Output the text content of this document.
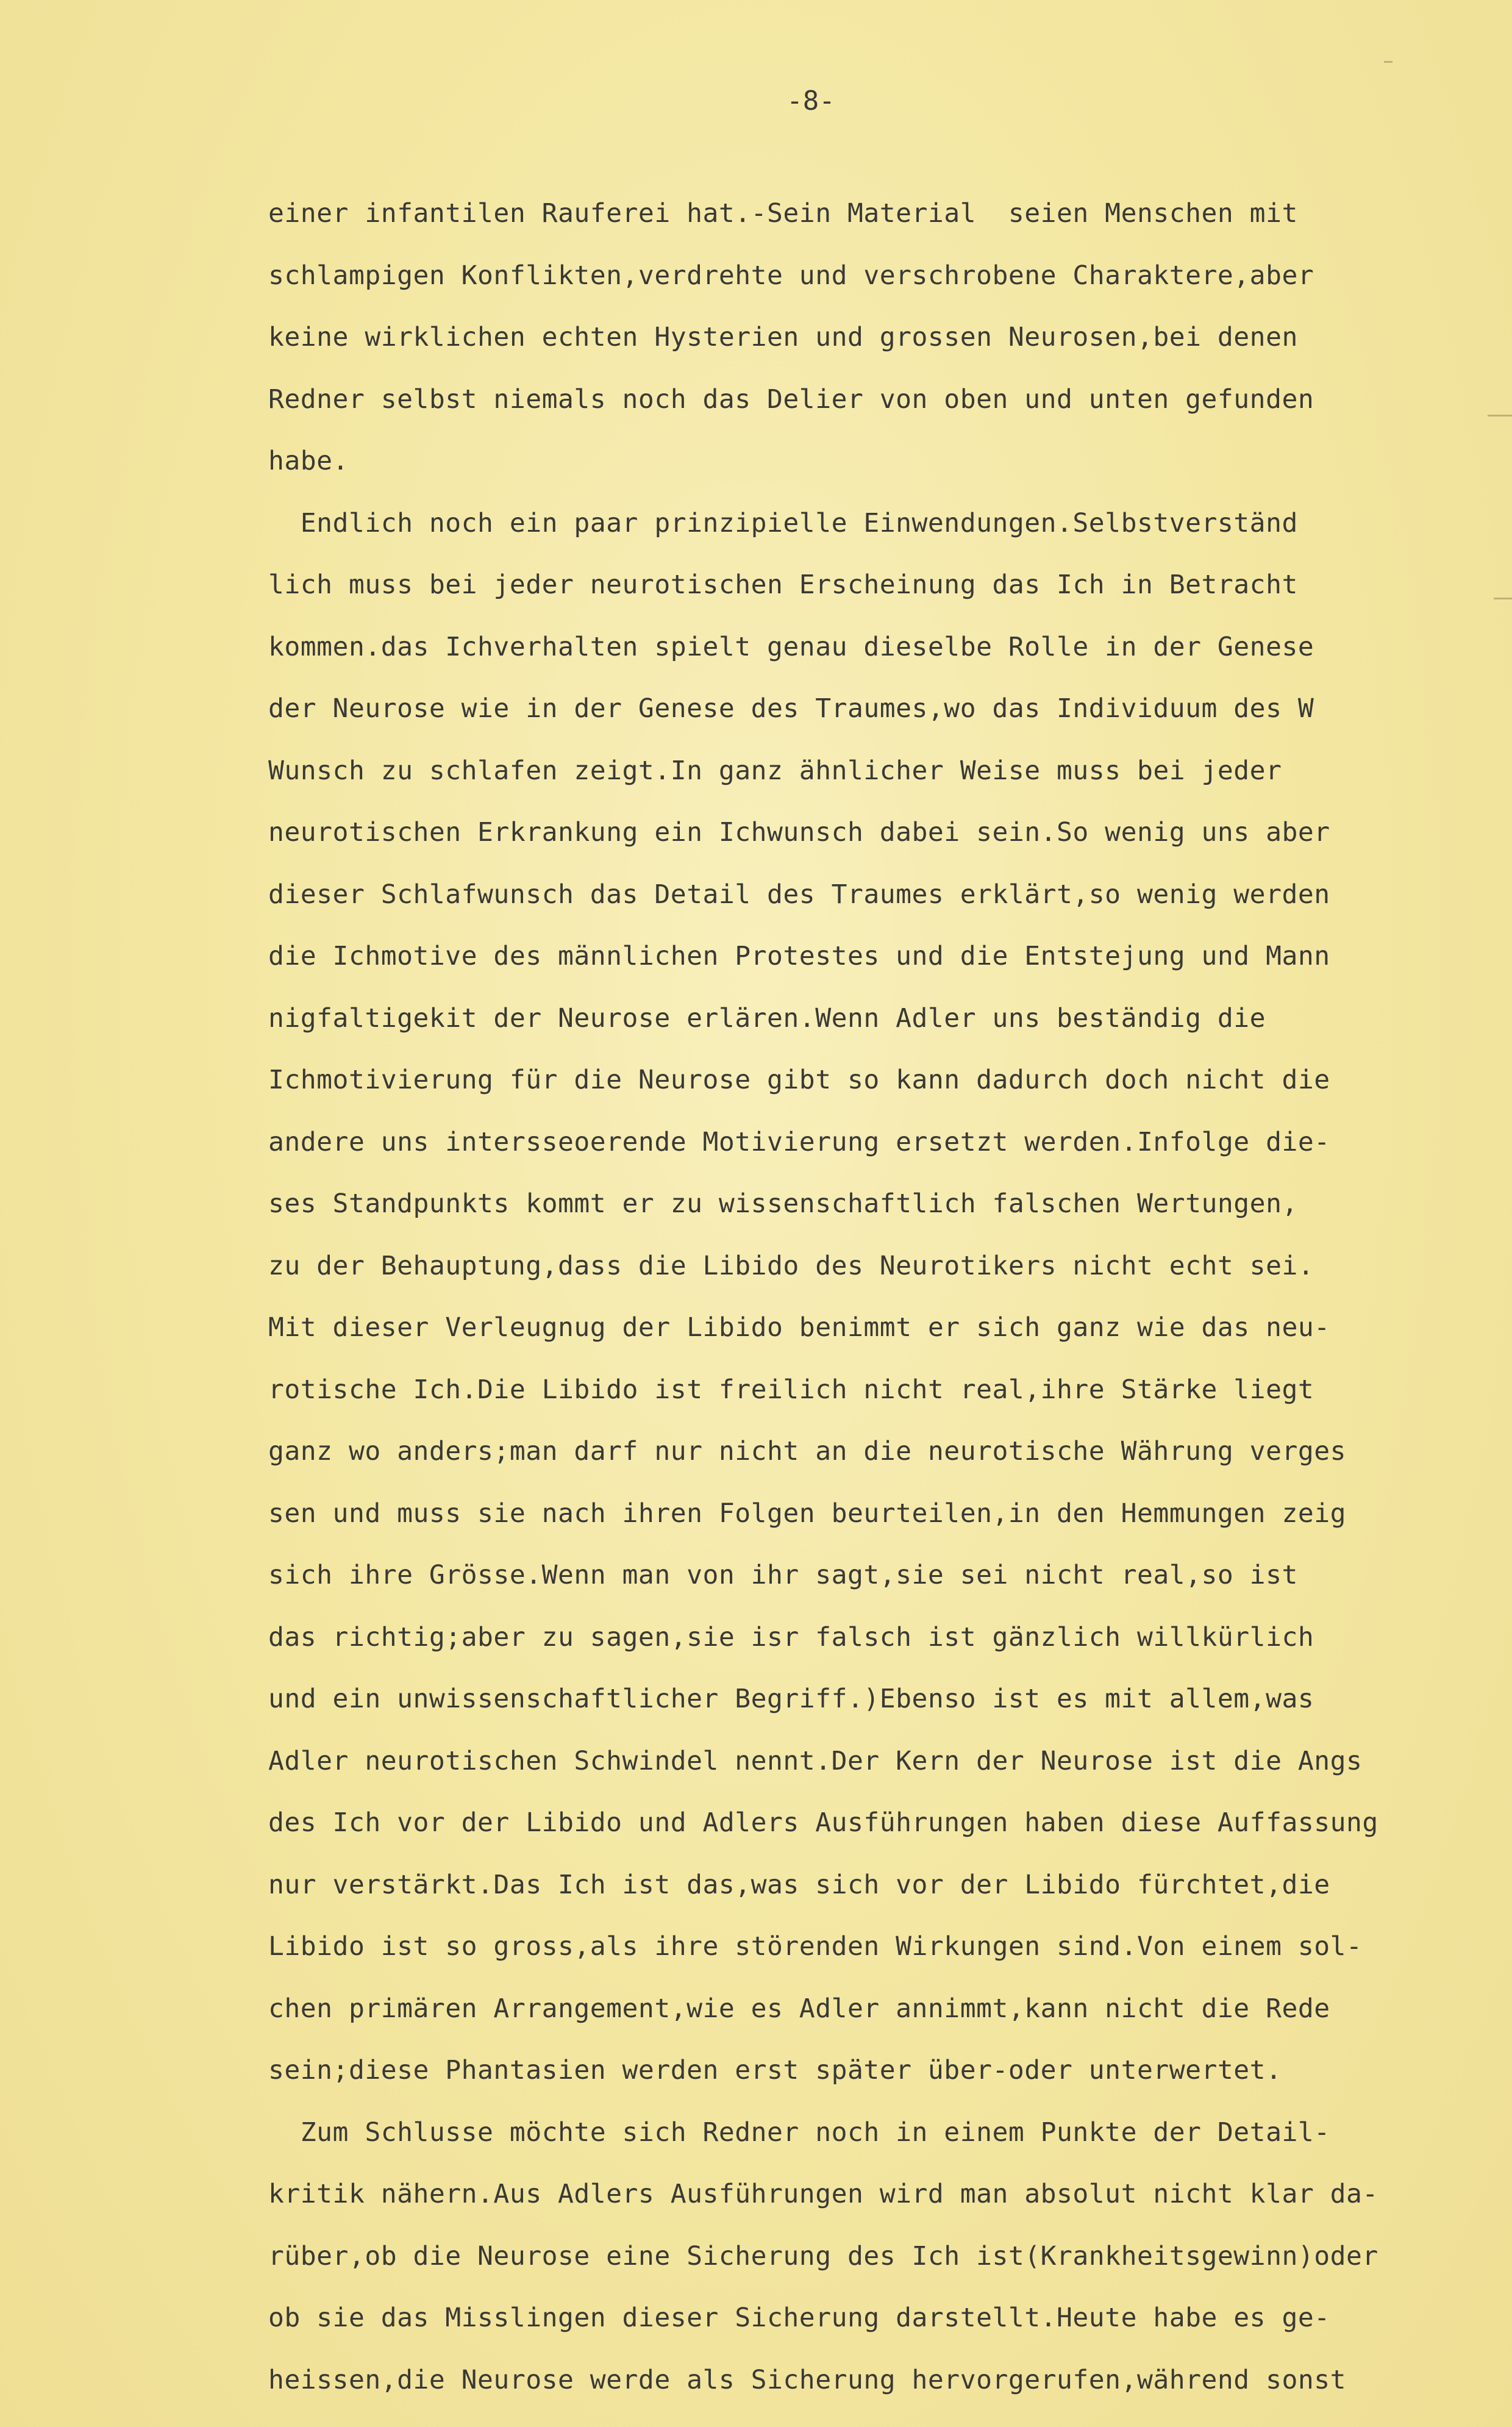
-8-
einer infantilen Rauferei hat.-Sein Material  seien Menschen mit
schlampigen Konflikten,verdrehte und verschrobene Charaktere,aber
keine wirklichen echten Hysterien und grossen Neurosen,bei denen
Redner selbst niemals noch das Delier von oben und unten gefunden
habe.
Endlich noch ein paar prinzipielle Einwendungen.Selbstverständ
lich muss bei jeder neurotischen Erscheinung das Ich in Betracht
kommen.das Ichverhalten spielt genau dieselbe Rolle in der Genese
der Neurose wie in der Genese des Traumes,wo das Individuum des W
Wunsch zu schlafen zeigt.In ganz ähnlicher Weise muss bei jeder
neurotischen Erkrankung ein Ichwunsch dabei sein.So wenig uns aber
dieser Schlafwunsch das Detail des Traumes erklärt,so wenig werden
die Ichmotive des männlichen Protestes und die Entstejung und Mann
nigfaltigekit der Neurose erlären.Wenn Adler uns beständig die
Ichmotivierung für die Neurose gibt so kann dadurch doch nicht die
andere uns intersseoerende Motivierung ersetzt werden.Infolge die-
ses Standpunkts kommt er zu wissenschaftlich falschen Wertungen,
zu der Behauptung,dass die Libido des Neurotikers nicht echt sei.
Mit dieser Verleugnug der Libido benimmt er sich ganz wie das neu-
rotische Ich.Die Libido ist freilich nicht real,ihre Stärke liegt
ganz wo anders;man darf nur nicht an die neurotische Währung verges
sen und muss sie nach ihren Folgen beurteilen,in den Hemmungen zeig
sich ihre Grösse.Wenn man von ihr sagt,sie sei nicht real,so ist
das richtig;aber zu sagen,sie isr falsch ist gänzlich willkürlich
und ein unwissenschaftlicher Begriff.)Ebenso ist es mit allem,was
Adler neurotischen Schwindel nennt.Der Kern der Neurose ist die Angs
des Ich vor der Libido und Adlers Ausführungen haben diese Auffassung
nur verstärkt.Das Ich ist das,was sich vor der Libido fürchtet,die
Libido ist so gross,als ihre störenden Wirkungen sind.Von einem sol-
chen primären Arrangement,wie es Adler annimmt,kann nicht die Rede
sein;diese Phantasien werden erst später über-oder unterwertet.
Zum Schlusse möchte sich Redner noch in einem Punkte der Detail-
kritik nähern.Aus Adlers Ausführungen wird man absolut nicht klar da-
rüber,ob die Neurose eine Sicherung des Ich ist(Krankheitsgewinn)oder
ob sie das Misslingen dieser Sicherung darstellt.Heute habe es ge-
heissen,die Neurose werde als Sicherung hervorgerufen,während sonst
